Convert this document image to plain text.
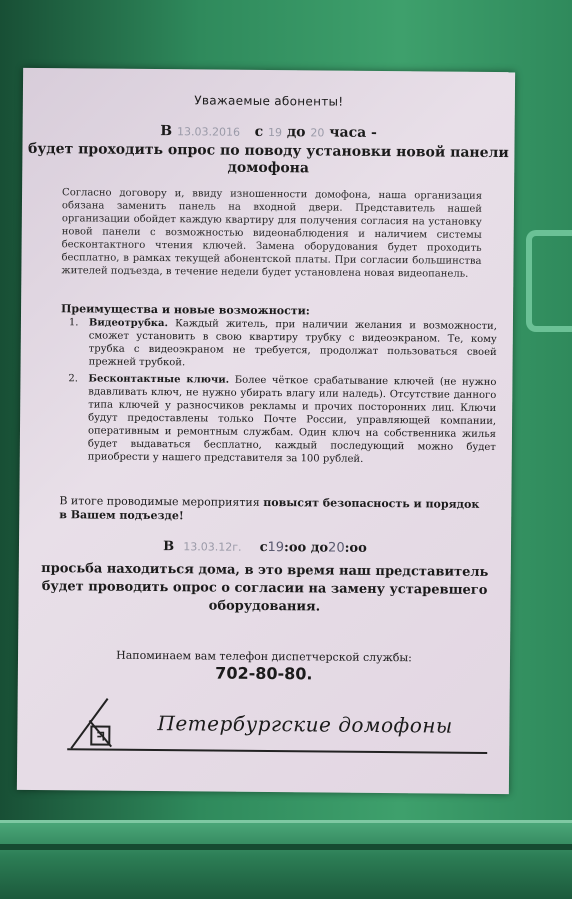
Уважаемые абоненты!
В 13.03.2016 с 19 до 20 часа -
будет проходить опрос по поводу установки новой панели домофона
Согласно договору и, ввиду изношенности домофона, наша организация обязана заменить панель на входной двери. Представитель нашей организации обойдет каждую квартиру для получения согласия на установку новой панели с возможностью видеонаблюдения и наличием системы бесконтактного чтения ключей. Замена оборудования будет проходить бесплатно, в рамках текущей абонентской платы. При согласии большинства жителей подъезда, в течение недели будет установлена новая видеопанель.
Преимущества и новые возможности:
1. Видеотрубка. Каждый житель, при наличии желания и возможности, сможет установить в свою квартиру трубку с видеоэкраном. Те, кому трубка с видеоэкраном не требуется, продолжат пользоваться своей прежней трубкой.
2. Бесконтактные ключи. Более чёткое срабатывание ключей (не нужно вдавливать ключ, не нужно убирать влагу или наледь). Отсутствие данного типа ключей у разносчиков рекламы и прочих посторонних лиц. Ключи будут предоставлены только Почте России, управляющей компании, оперативным и ремонтным службам. Один ключ на собственника жилья будет выдаваться бесплатно, каждый последующий можно будет приобрести у нашего представителя за 100 рублей.
В итоге проводимые мероприятия повысят безопасность и порядок в Вашем подъезде!
В 13.03.12г. с19:оо до20:оо
просьба находиться дома, в это время наш представитель будет проводить опрос о согласии на замену устаревшего оборудования.
Напоминаем вам телефон диспетчерской службы:
702-80-80.
Петербургские домофоны
